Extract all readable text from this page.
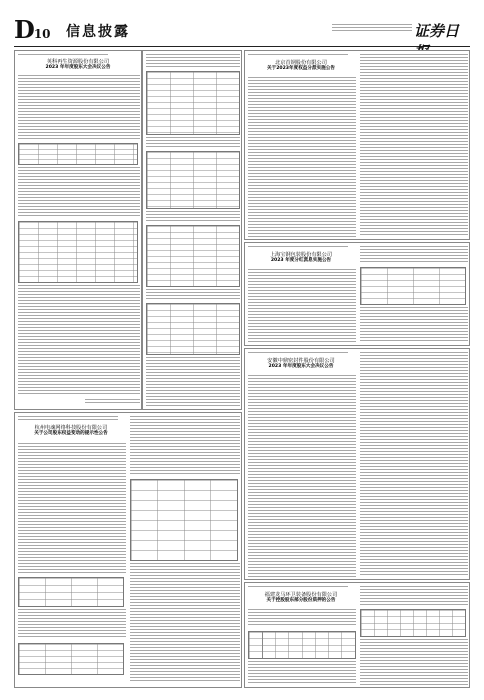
D10 信息披露	证券日
英科再生资源股份有限公司
2023 年年度股东大会决议公告
北京首钢股份有限公司
关于2023年度权益分派实施公告
上海宝钢包装股份有限公司
2023 年度分红派息实施公告
安徽中鼎密封件股份有限公司
2023 年年度股东大会决议公告
杭州电魂网络科技股份有限公司
关于公司股东权益变动的提示性公告
福建龙马环卫装备股份有限公司
关于控股股东部分股份质押的公告
